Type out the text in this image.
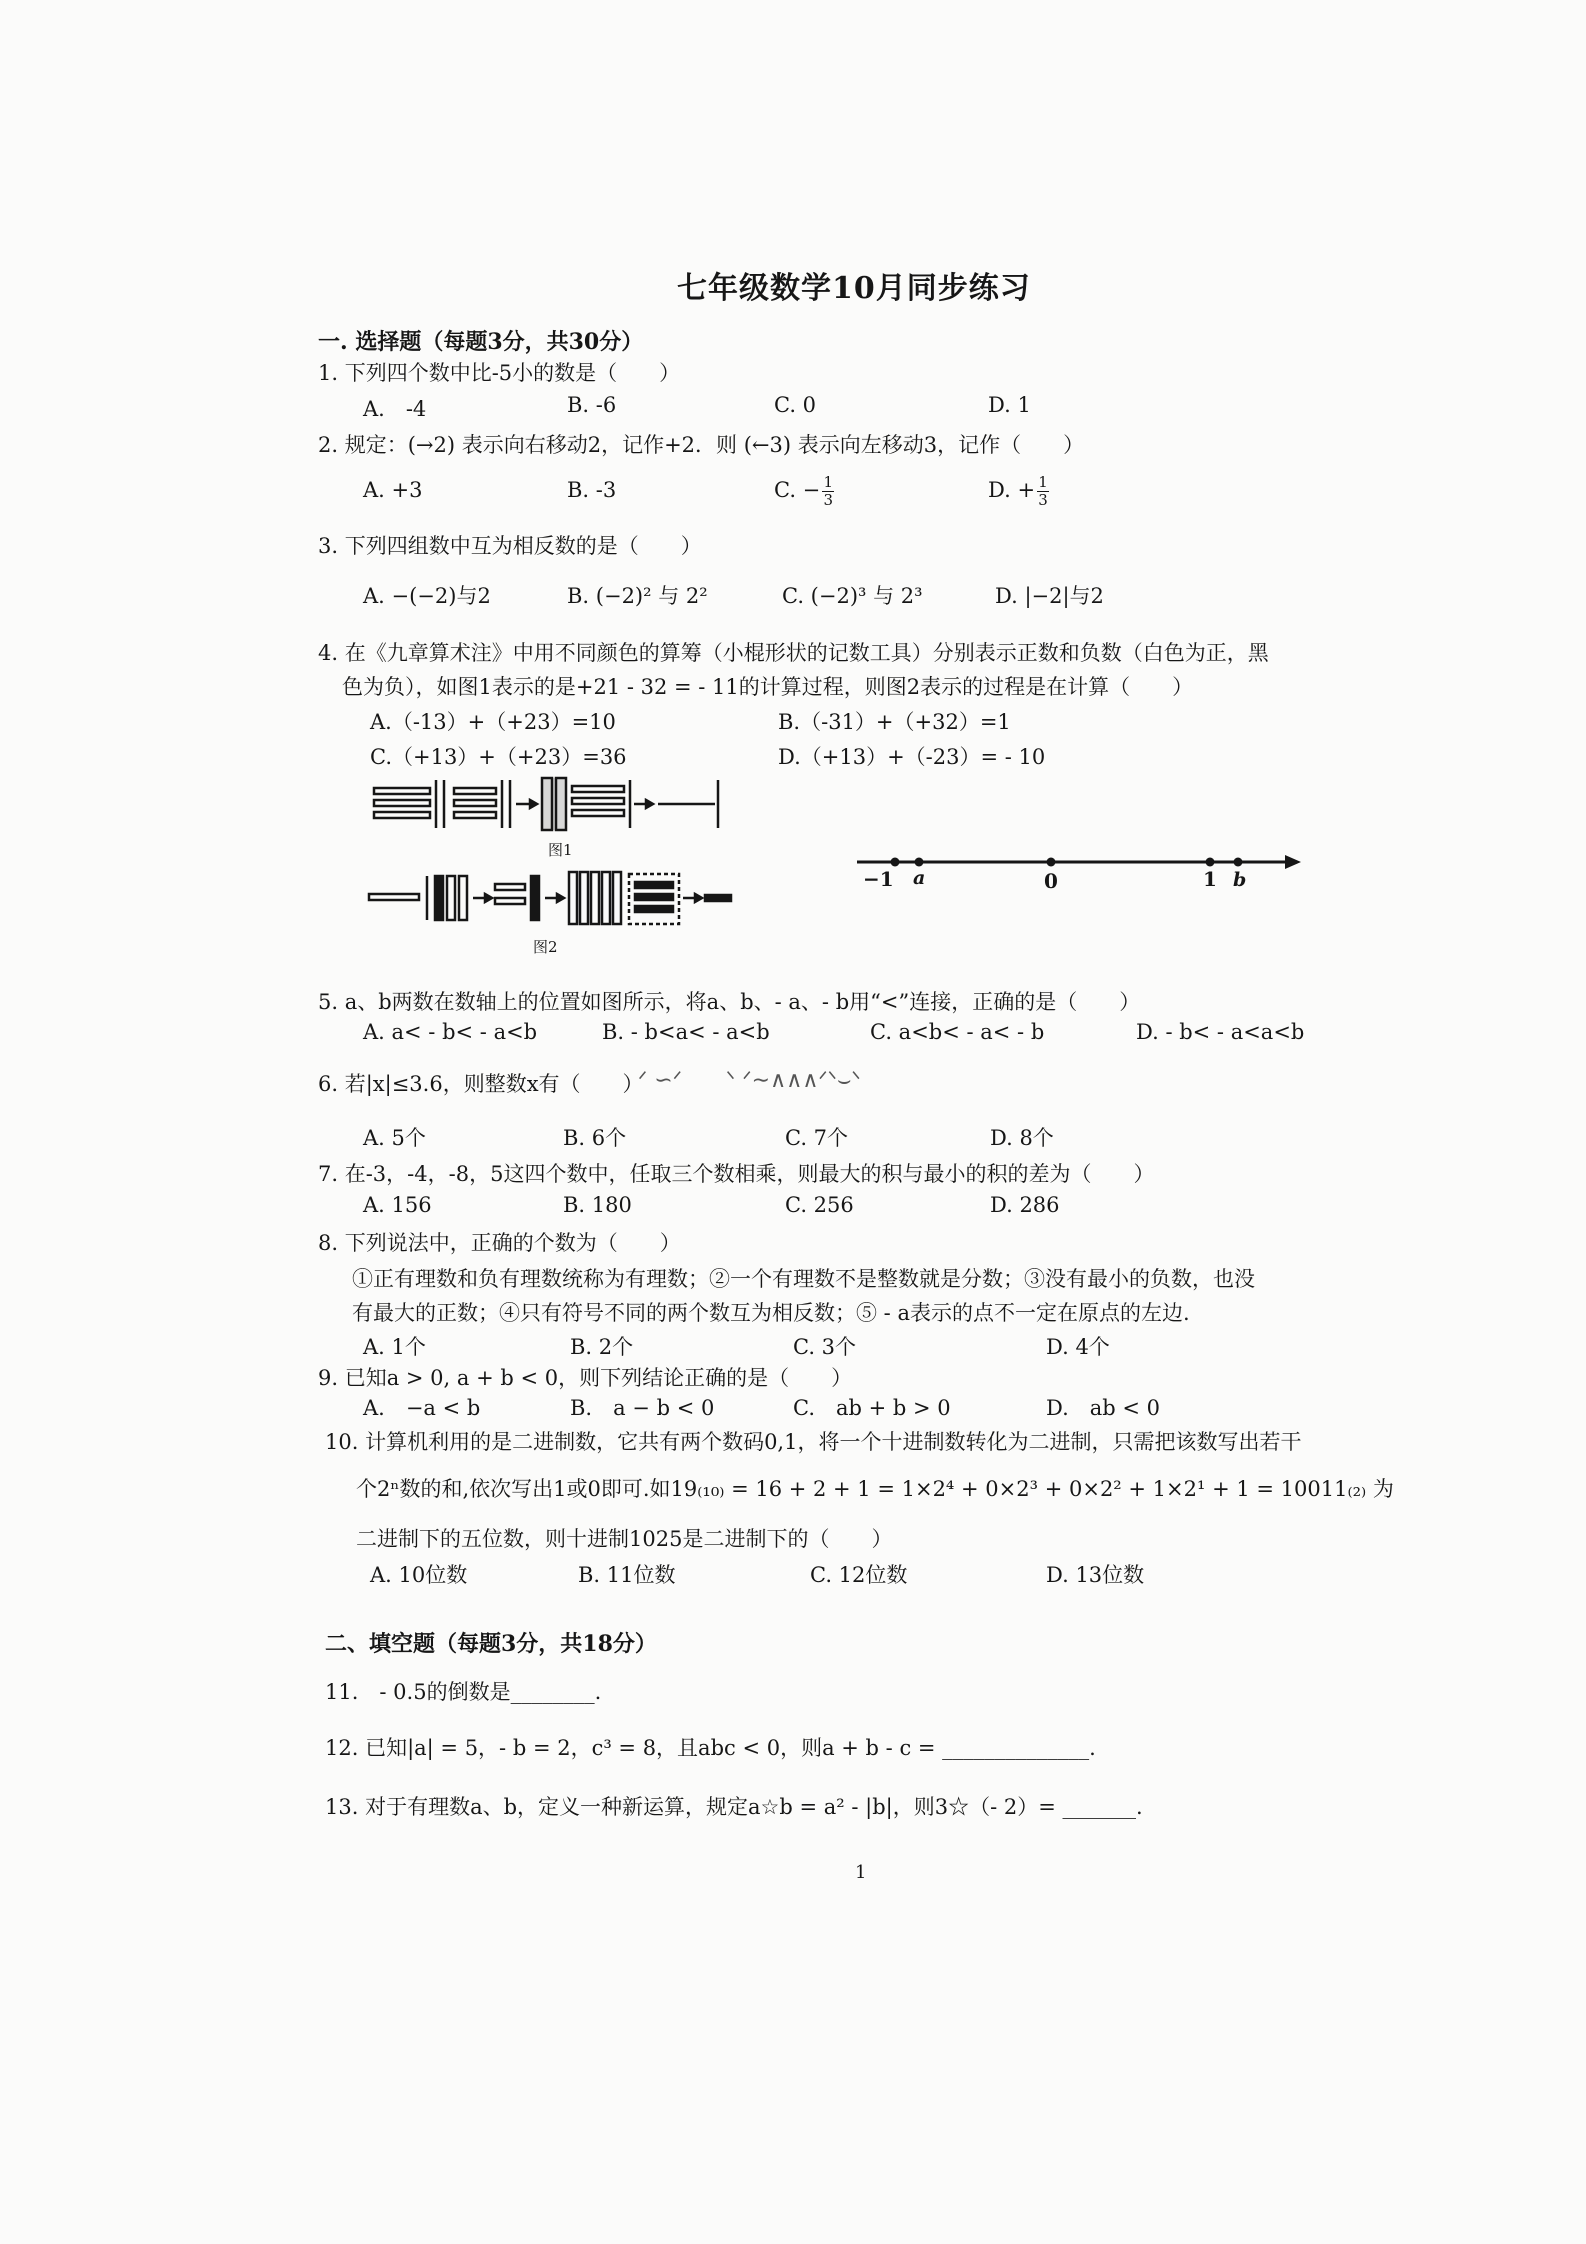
七年级数学10月同步练习
一. 选择题（每题3分，共30分）
1. 下列四个数中比-5小的数是（　　）
A.　-4	B. -6	C. 0	D. 1
2. 规定：(→2) 表示向右移动2，记作+2．则 (←3) 表示向左移动3，记作（　　）
A. +3	B. -3	C. − $\frac{1}{3}$	D. + $\frac{1}{3}$
3. 下列四组数中互为相反数的是（　　）
A. −(−2)与2	B. (−2)² 与 2²	C. (−2)³ 与 2³	D. |−2|与2
4. 在《九章算术注》中用不同颜色的算筹（小棍形状的记数工具）分别表示正数和负数（白色为正，黑
色为负），如图1表示的是+21 - 32 = - 11的计算过程，则图2表示的过程是在计算（　　）
A.（-13）+（+23）=10	B.（-31）+（+32）=1
C.（+13）+（+23）=36	D.（+13）+（-23）= - 10
图1
图2
−1 a	0	1 b
5. a、b两数在数轴上的位置如图所示，将a、b、- a、- b用“<”连接，正确的是（　　）
A. a< - b< - a<b	B. - b<a< - a<b	C. a<b< - a< - b	D. - b< - a<a<b
6. 若|x|≤3.6，则整数x有（　　）
ᐟ ∽ᐟ　　ᐠ ᐟ∼∧∧∧ᐟᐠ⌣ᐠ
A. 5个	B. 6个	C. 7个	D. 8个
7. 在-3，-4，-8，5这四个数中，任取三个数相乘，则最大的积与最小的积的差为（　　）
A. 156	B. 180	C. 256	D. 286
8. 下列说法中，正确的个数为（　　）
①正有理数和负有理数统称为有理数；②一个有理数不是整数就是分数；③没有最小的负数，也没
有最大的正数；④只有符号不同的两个数互为相反数；⑤ - a表示的点不一定在原点的左边.
A. 1个	B. 2个	C. 3个	D. 4个
9. 已知a > 0, a + b < 0，则下列结论正确的是（　　）
A.　−a < b	B.　a − b < 0	C.　ab + b > 0	D.　ab < 0
10. 计算机利用的是二进制数，它共有两个数码0,1，将一个十进制数转化为二进制，只需把该数写出若干
个2ⁿ数的和,依次写出1或0即可.如19₍₁₀₎ = 16 + 2 + 1 = 1×2⁴ + 0×2³ + 0×2² + 1×2¹ + 1 = 10011₍₂₎ 为
二进制下的五位数，则十进制1025是二进制下的（　　）
A. 10位数	B. 11位数	C. 12位数	D. 13位数
二、填空题（每题3分，共18分）
11.　- 0.5的倒数是________.
12. 已知|a| = 5，- b = 2，c³ = 8，且abc < 0，则a + b - c = ______________.
13. 对于有理数a、b，定义一种新运算，规定a☆b = a² - |b|，则3☆（- 2）= _______.
1
